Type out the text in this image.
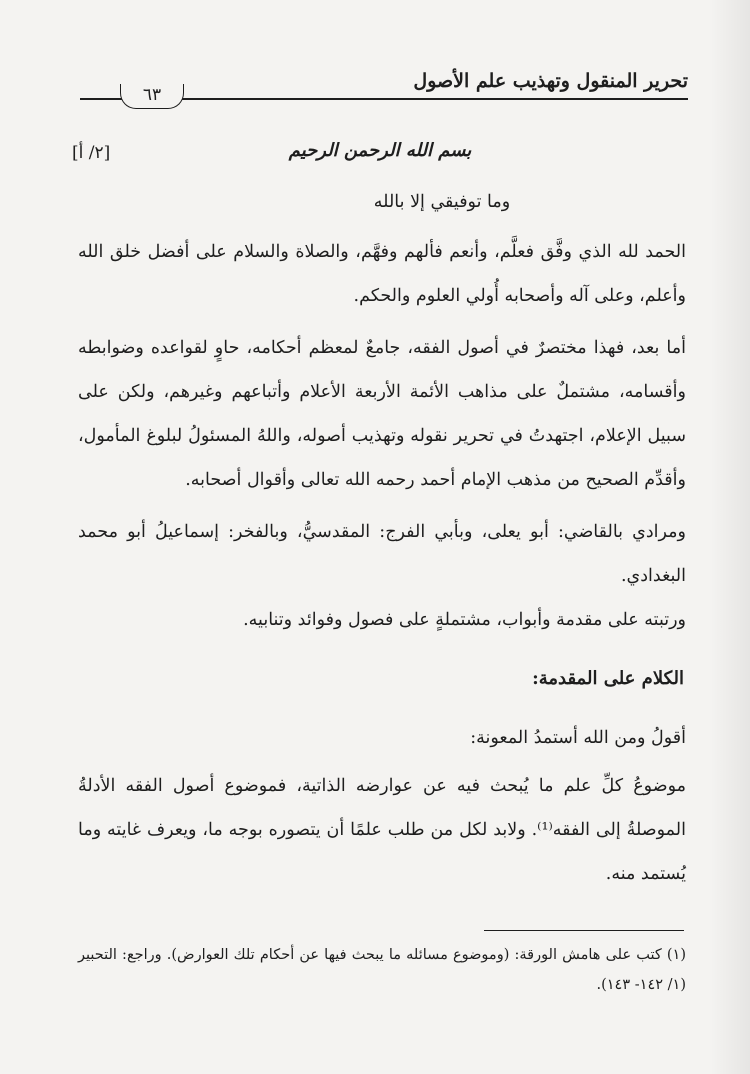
تحرير المنقول وتهذيب علم الأصول
٦٣
[٢/ أ]	بسم الله الرحمن الرحيم
وما توفيقي إلا بالله

الحمد لله الذي وفَّق فعلَّم، وأنعم فألهم وفهَّم، والصلاة والسلام على أفضل خلق الله وأعلم، وعلى آله وأصحابه أُولي العلوم والحكم.

أما بعد، فهذا مختصرٌ في أصول الفقه، جامعٌ لمعظم أحكامه، حاوٍ لقواعده وضوابطه وأقسامه، مشتملٌ على مذاهب الأئمة الأربعة الأعلام وأتباعهم وغيرهم، ولكن على سبيل الإعلام، اجتهدتُ في تحرير نقوله وتهذيب أصوله، واللهُ المسئولُ لبلوغ المأمول، وأقدِّم الصحيح من مذهب الإمام أحمد رحمه الله تعالى وأقوال أصحابه.

ومرادي بالقاضي: أبو يعلى، وبأبي الفرج: المقدسيُّ، وبالفخر: إسماعيلُ أبو محمد البغدادي.

ورتبته على مقدمة وأبواب، مشتملةٍ على فصول وفوائد وتنابيه.

الكلام على المقدمة:

أقولُ ومن الله أستمدُ المعونة:

موضوعُ كلِّ علم ما يُبحث فيه عن عوارضه الذاتية، فموضوع أصول الفقه الأدلةُ الموصلةُ إلى الفقه⁽¹⁾. ولابد لكل من طلب علمًا أن يتصوره بوجه ما، ويعرف غايته وما يُستمد منه.

(١) كتب على هامش الورقة: (وموضوع مسائله ما يبحث فيها عن أحكام تلك العوارض). وراجع: التحبير (١/ ١٤٢- ١٤٣).
